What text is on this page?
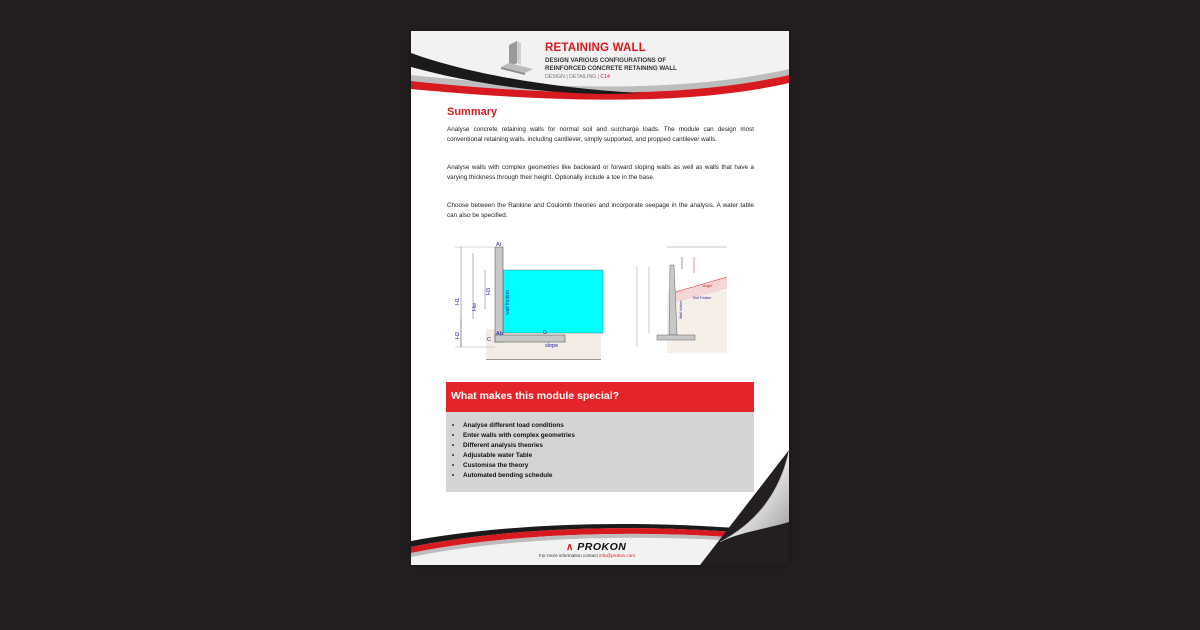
RETAINING WALL
DESIGN VARIOUS CONFIGURATIONS OF
REINFORCED CONCRETE RETAINING WALL
DESIGN | DETAILING | C14
Summary

Analyse concrete retaining walls for normal soil and surcharge loads. The module can design most conventional retaining walls, including cantilever, simply supported, and propped cantilever walls.

Analyse walls with complex geometries like backward or forward sloping walls as well as walls that have a varying thickness through their height. Optionally include a toe in the base.

Choose between the Rankine and Coulomb theories and incorporate seepage in the analysis. A water table can also be specified.

At
Ab	D
C
slope
H1
H2
H3
Hw	wall friction
Angle
Soil Friction
Wall friction
What makes this module special?
• Analyse different load conditions
• Enter walls with complex geometries
• Different analysis theories
• Adjustable water Table
• Customise the theory
• Automated bending schedule
∧ PROKON
For more information contact info@prokon.com
